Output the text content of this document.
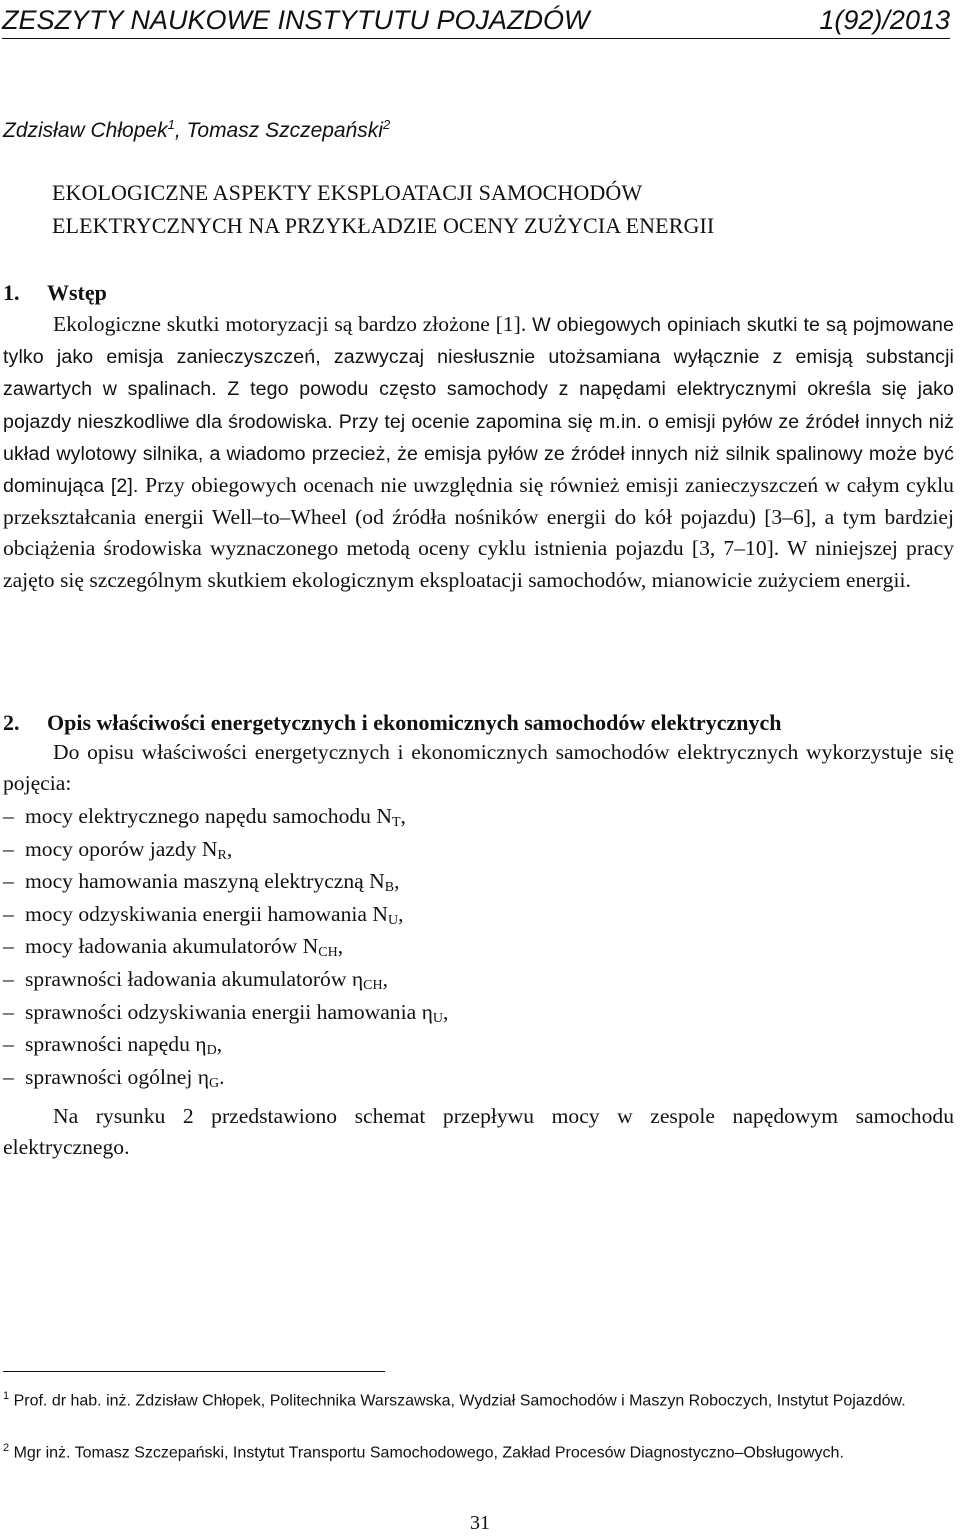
ZESZYTY NAUKOWE INSTYTUTU POJAZDÓW	1(92)/2013
Zdzisław Chłopek$^1$, Tomasz Szczepański$^2$
EKOLOGICZNE ASPEKTY EKSPLOATACJI SAMOCHODÓW
ELEKTRYCZNYCH NA PRZYKŁADZIE OCENY ZUŻYCIA ENERGII
1. Wstęp

Ekologiczne skutki motoryzacji są bardzo złożone [1]. W obiegowych opiniach skutki te są pojmowane tylko jako emisja zanieczyszczeń, zazwyczaj niesłusznie utożsamiana wyłącznie z emisją substancji zawartych w spalinach. Z tego powodu często samochody z napędami elektrycznymi określa się jako pojazdy nieszkodliwe dla środowiska. Przy tej ocenie zapomina się m.in. o emisji pyłów ze źródeł innych niż układ wylotowy silnika, a wiadomo przecież, że emisja pyłów ze źródeł innych niż silnik spalinowy może być dominująca [2]. Przy obiegowych ocenach nie uwzględnia się również emisji zanieczyszczeń w całym cyklu przekształcania energii Well–to–Wheel (od źródła nośników energii do kół pojazdu) [3–6], a tym bardziej obciążenia środowiska wyznaczonego metodą oceny cyklu istnienia pojazdu [3, 7–10]. W niniejszej pracy zajęto się szczególnym skutkiem ekologicznym eksploatacji samochodów, mianowicie zużyciem energii.

2. Opis właściwości energetycznych i ekonomicznych samochodów elektrycznych

Do opisu właściwości energetycznych i ekonomicznych samochodów elektrycznych wykorzystuje się pojęcia:

– mocy elektrycznego napędu samochodu $N_T$,
– mocy oporów jazdy $N_R$,
– mocy hamowania maszyną elektryczną $N_B$,
– mocy odzyskiwania energii hamowania $N_U$,
– mocy ładowania akumulatorów $N_{CH}$,
– sprawności ładowania akumulatorów $\eta_{CH}$,
– sprawności odzyskiwania energii hamowania $\eta_U$,
– sprawności napędu $\eta_D$,
– sprawności ogólnej $\eta_G$.

Na rysunku 2 przedstawiono schemat przepływu mocy w zespole napędowym samochodu elektrycznego.

$^1$ Prof. dr hab. inż. Zdzisław Chłopek, Politechnika Warszawska, Wydział Samochodów i Maszyn Roboczych, Instytut Pojazdów.

$^2$ Mgr inż. Tomasz Szczepański, Instytut Transportu Samochodowego, Zakład Procesów Diagnostyczno–Obsługowych.

31
